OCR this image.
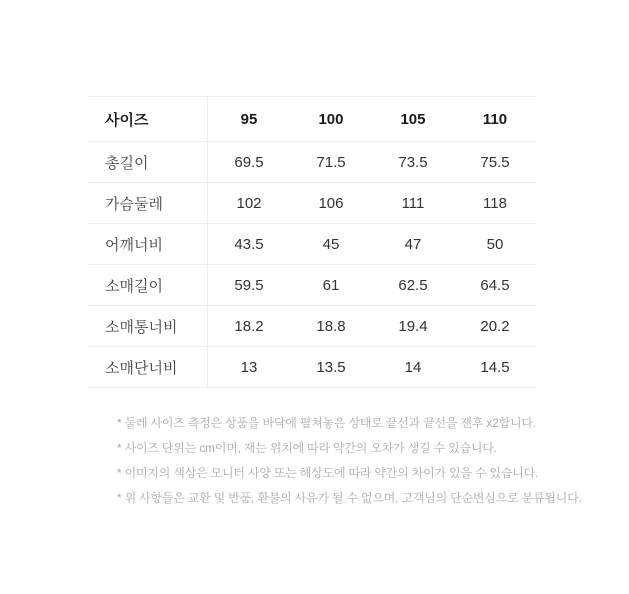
사이즈	95	100	105	110
총길이	69.5	71.5	73.5	75.5
가슴둘레	102	106	111	118
어깨너비	43.5	45	47	50
소매길이	59.5	61	62.5	64.5
소매통너비	18.2	18.8	19.4	20.2
소매단너비	13	13.5	14	14.5
* 둘레 사이즈 측정은 상품을 바닥에 펼쳐놓은 상태로 끝선과 끝선을 잰후 x2합니다.
* 사이즈 단위는 cm이며, 재는 위치에 따라 약간의 오차가 생길 수 있습니다.
* 이미지의 색상은 모니터 사양 또는 해상도에 따라 약간의 차이가 있을 수 있습니다.
* 위 사항들은 교환 및 반품, 환불의 사유가 될 수 없으며, 고객님의 단순변심으로 분류됩니다.
